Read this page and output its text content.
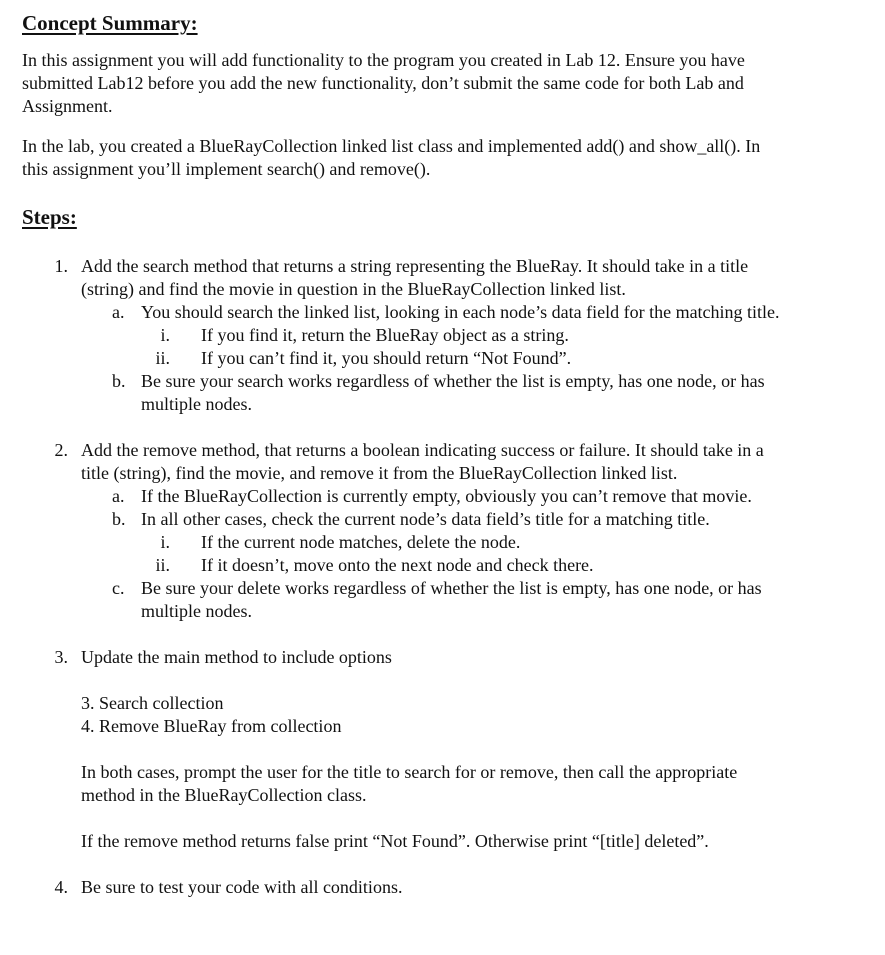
Concept Summary:
In this assignment you will add functionality to the program you created in Lab 12. Ensure you have
submitted Lab12 before you add the new functionality, don’t submit the same code for both Lab and
Assignment.
In the lab, you created a BlueRayCollection linked list class and implemented add() and show_all(). In
this assignment you’ll implement search() and remove().
Steps:
1. Add the search method that returns a string representing the BlueRay. It should take in a title
(string) and find the movie in question in the BlueRayCollection linked list.
a. You should search the linked list, looking in each node’s data field for the matching title.
i. If you find it, return the BlueRay object as a string.
ii. If you can’t find it, you should return “Not Found”.
b. Be sure your search works regardless of whether the list is empty, has one node, or has
multiple nodes.
2. Add the remove method, that returns a boolean indicating success or failure. It should take in a
title (string), find the movie, and remove it from the BlueRayCollection linked list.
a. If the BlueRayCollection is currently empty, obviously you can’t remove that movie.
b. In all other cases, check the current node’s data field’s title for a matching title.
i. If the current node matches, delete the node.
ii. If it doesn’t, move onto the next node and check there.
c. Be sure your delete works regardless of whether the list is empty, has one node, or has
multiple nodes.
3. Update the main method to include options
3. Search collection
4. Remove BlueRay from collection
In both cases, prompt the user for the title to search for or remove, then call the appropriate
method in the BlueRayCollection class.
If the remove method returns false print “Not Found”. Otherwise print “[title] deleted”.
4. Be sure to test your code with all conditions.
